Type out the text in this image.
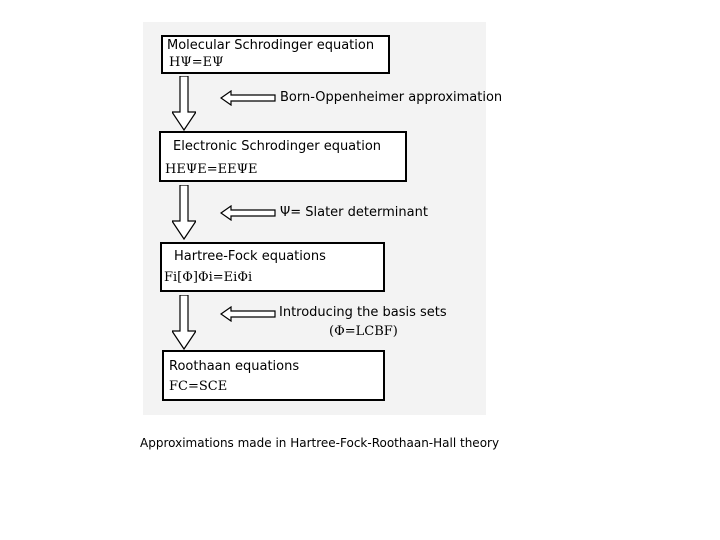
Molecular Schrodinger equation
HΨ=EΨ
Born-Oppenheimer approximation
Electronic Schrodinger equation
HEΨE=EEΨE
Ψ= Slater determinant
Hartree-Fock equations
Fi[Φ]Φi=EiΦi
Introducing the basis sets
(Φ=LCBF)
Roothaan equations
FC=SCE
Approximations made in Hartree-Fock-Roothaan-Hall theory
